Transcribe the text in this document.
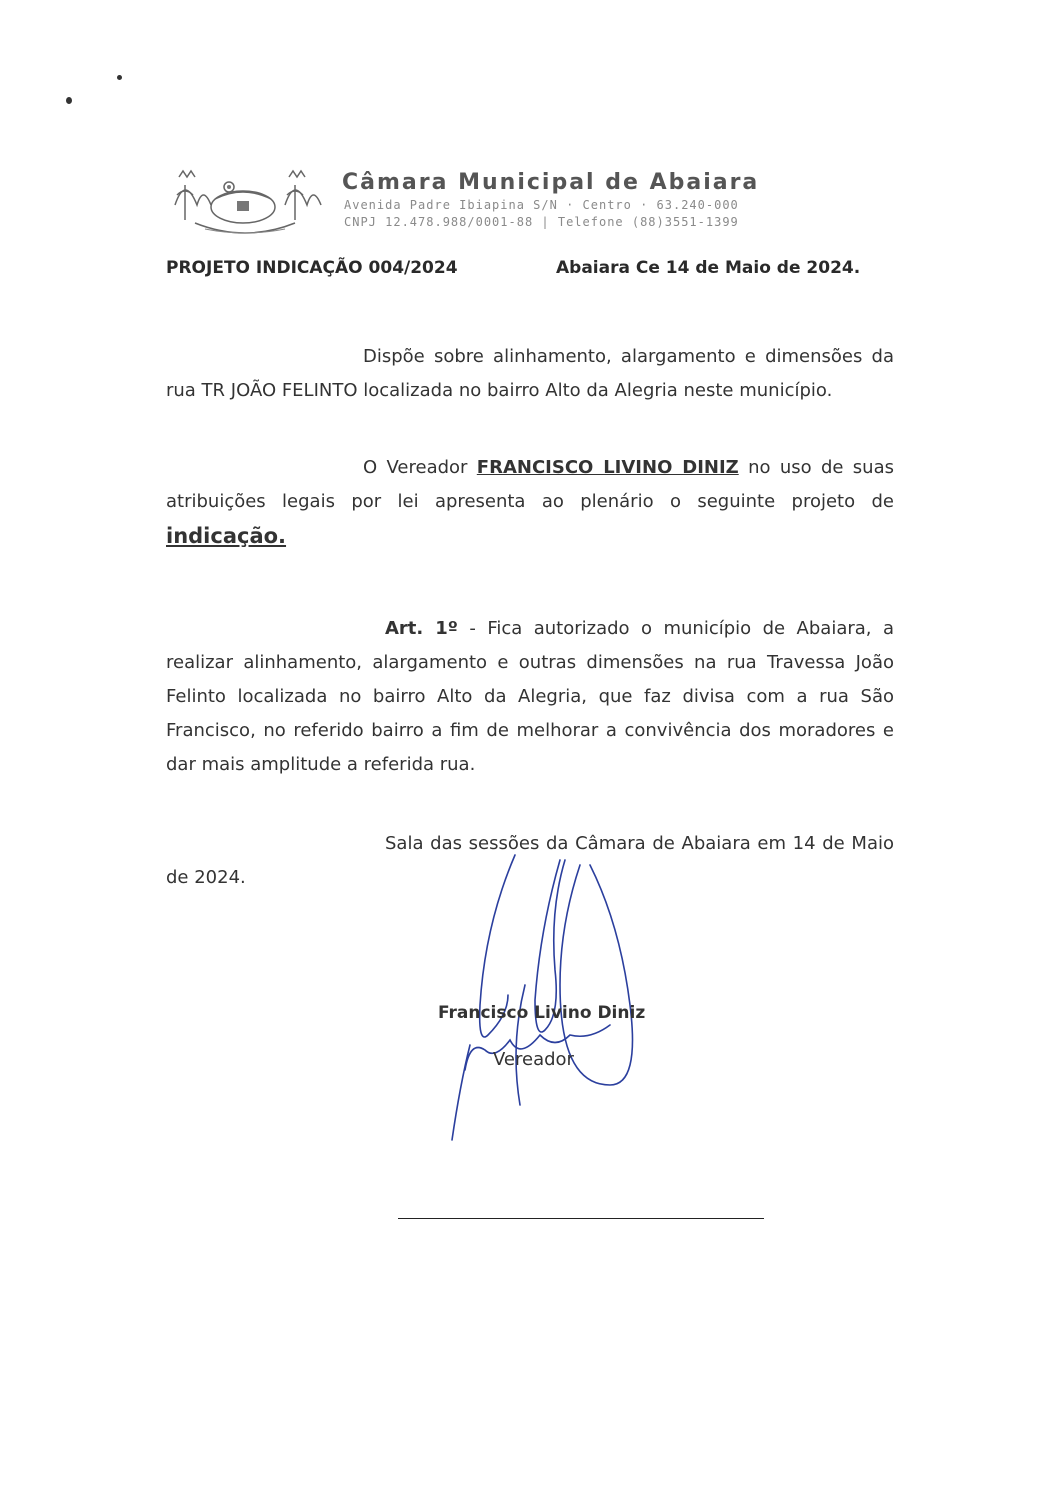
Câmara Municipal de Abaiara
Avenida Padre Ibiapina S/N · Centro · 63.240-000
CNPJ 12.478.988/0001-88 | Telefone (88)3551-1399
PROJETO INDICAÇÃO 004/2024	Abaiara Ce 14 de Maio de 2024.
Dispõe sobre alinhamento, alargamento e dimensões da rua TR JOÃO FELINTO localizada no bairro Alto da Alegria neste município.
O Vereador FRANCISCO LIVINO DINIZ no uso de suas atribuições legais por lei apresenta ao plenário o seguinte projeto de indicação.
Art. 1º - Fica autorizado o município de Abaiara, a realizar alinhamento, alargamento e outras dimensões na rua Travessa João Felinto localizada no bairro Alto da Alegria, que faz divisa com a rua São Francisco, no referido bairro a fim de melhorar a convivência dos moradores e dar mais amplitude a referida rua.
Sala das sessões da Câmara de Abaiara em 14 de Maio de 2024.
Francisco Livino Diniz
Vereador
